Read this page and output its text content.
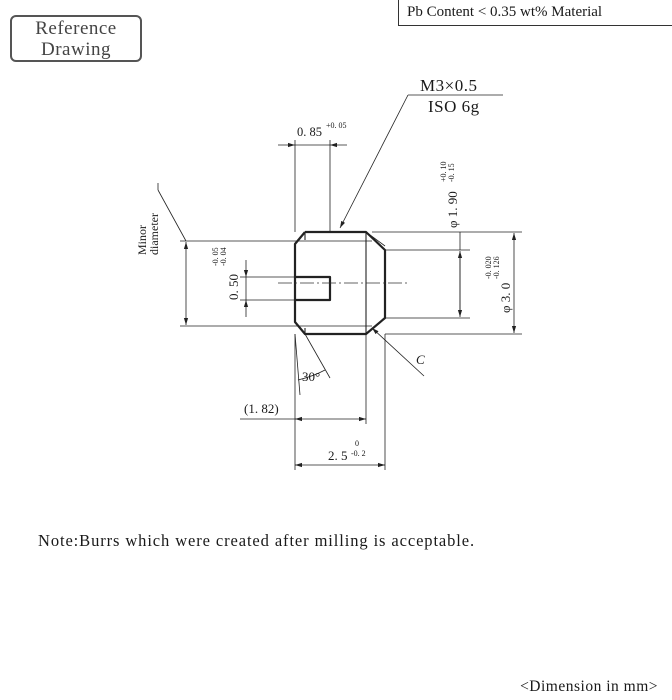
Reference
Drawing
Pb Content < 0.35 wt% Material
0. 85 +0. 05
M3×0.5
ISO 6g
φ 1. 90
+0. 10 -0. 15
φ 3. 0
-0. 020 -0. 126
0. 50
-0. 05 -0. 04
Minor
diameter
30°
C
(1. 82)
2. 5
0
-0. 2
Note:Burrs which were created after milling is acceptable.
<Dimension in mm>
